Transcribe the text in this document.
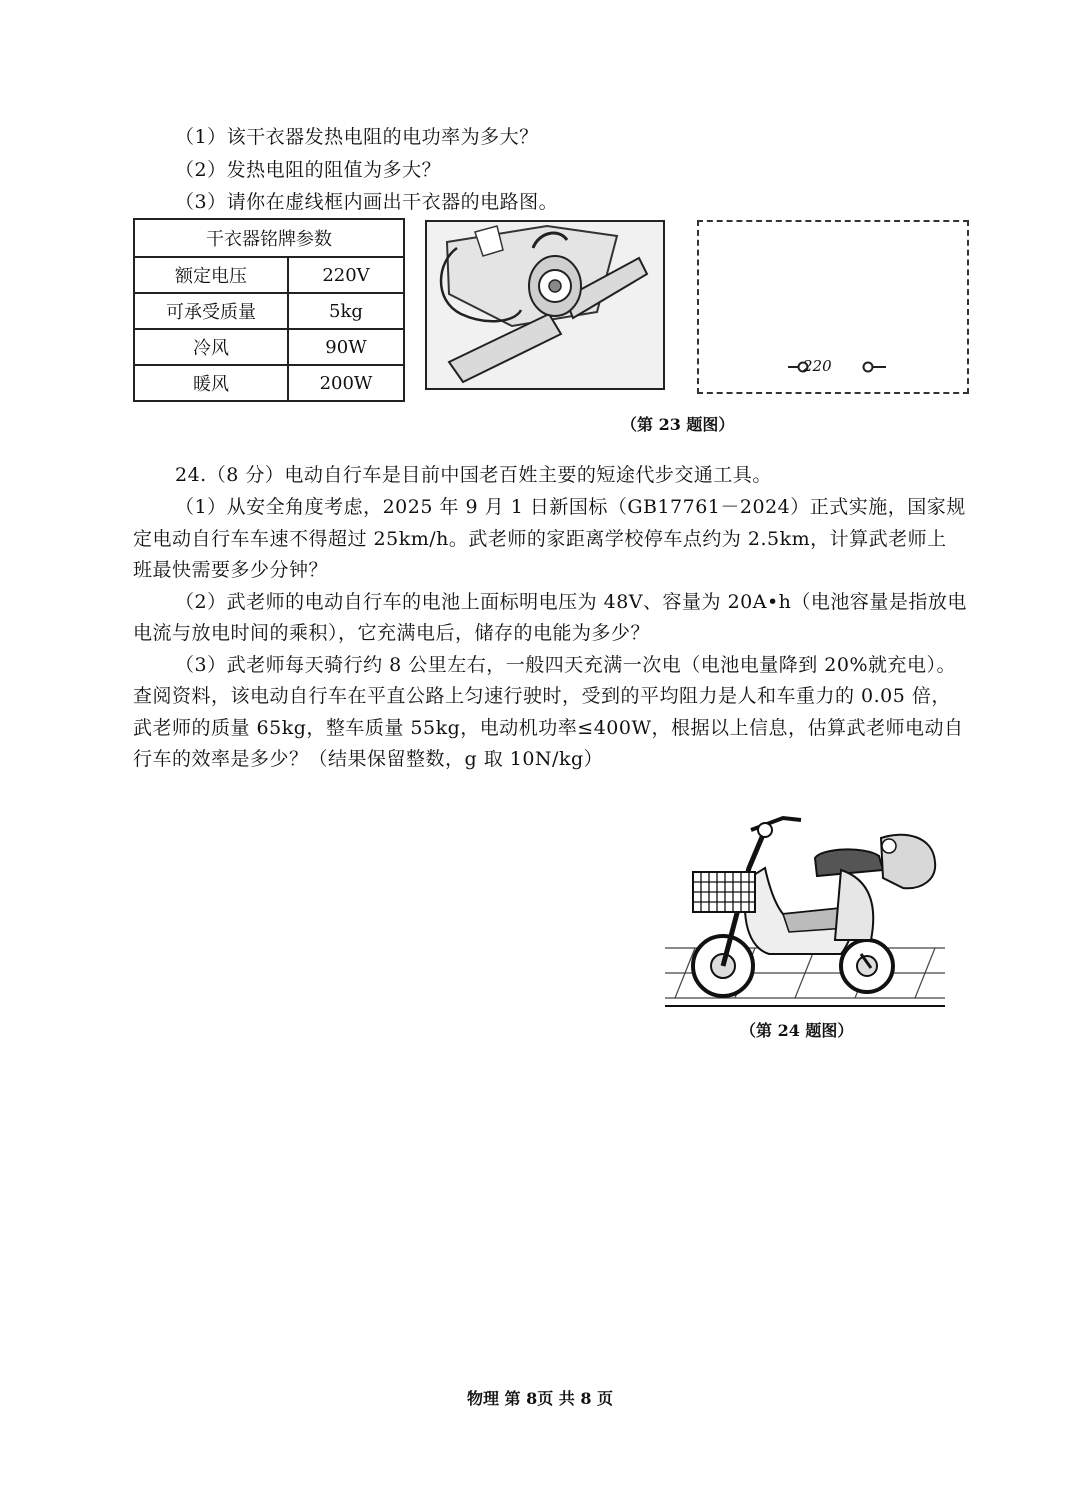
（1）该干衣器发热电阻的电功率为多大？
（2）发热电阻的阻值为多大？
（3）请你在虚线框内画出干衣器的电路图。
干衣器铭牌参数	
额定电压	220V
可承受质量	5kg
冷风	90W
暖风	200W
220
（第 23 题图）
24.（8 分）电动自行车是目前中国老百姓主要的短途代步交通工具。
（1）从安全角度考虑，2025 年 9 月 1 日新国标（GB17761－2024）正式实施，国家规
定电动自行车车速不得超过 25km/h。武老师的家距离学校停车点约为 2.5km，计算武老师上
班最快需要多少分钟？
（2）武老师的电动自行车的电池上面标明电压为 48V、容量为 20A•h（电池容量是指放电
电流与放电时间的乘积），它充满电后，储存的电能为多少？
（3）武老师每天骑行约 8 公里左右，一般四天充满一次电（电池电量降到 20%就充电）。
查阅资料，该电动自行车在平直公路上匀速行驶时，受到的平均阻力是人和车重力的 0.05 倍，
武老师的质量 65kg，整车质量 55kg，电动机功率≤400W，根据以上信息，估算武老师电动自
行车的效率是多少？（结果保留整数，g 取 10N/kg）
（第 24 题图）
物理 第 8页 共 8 页
